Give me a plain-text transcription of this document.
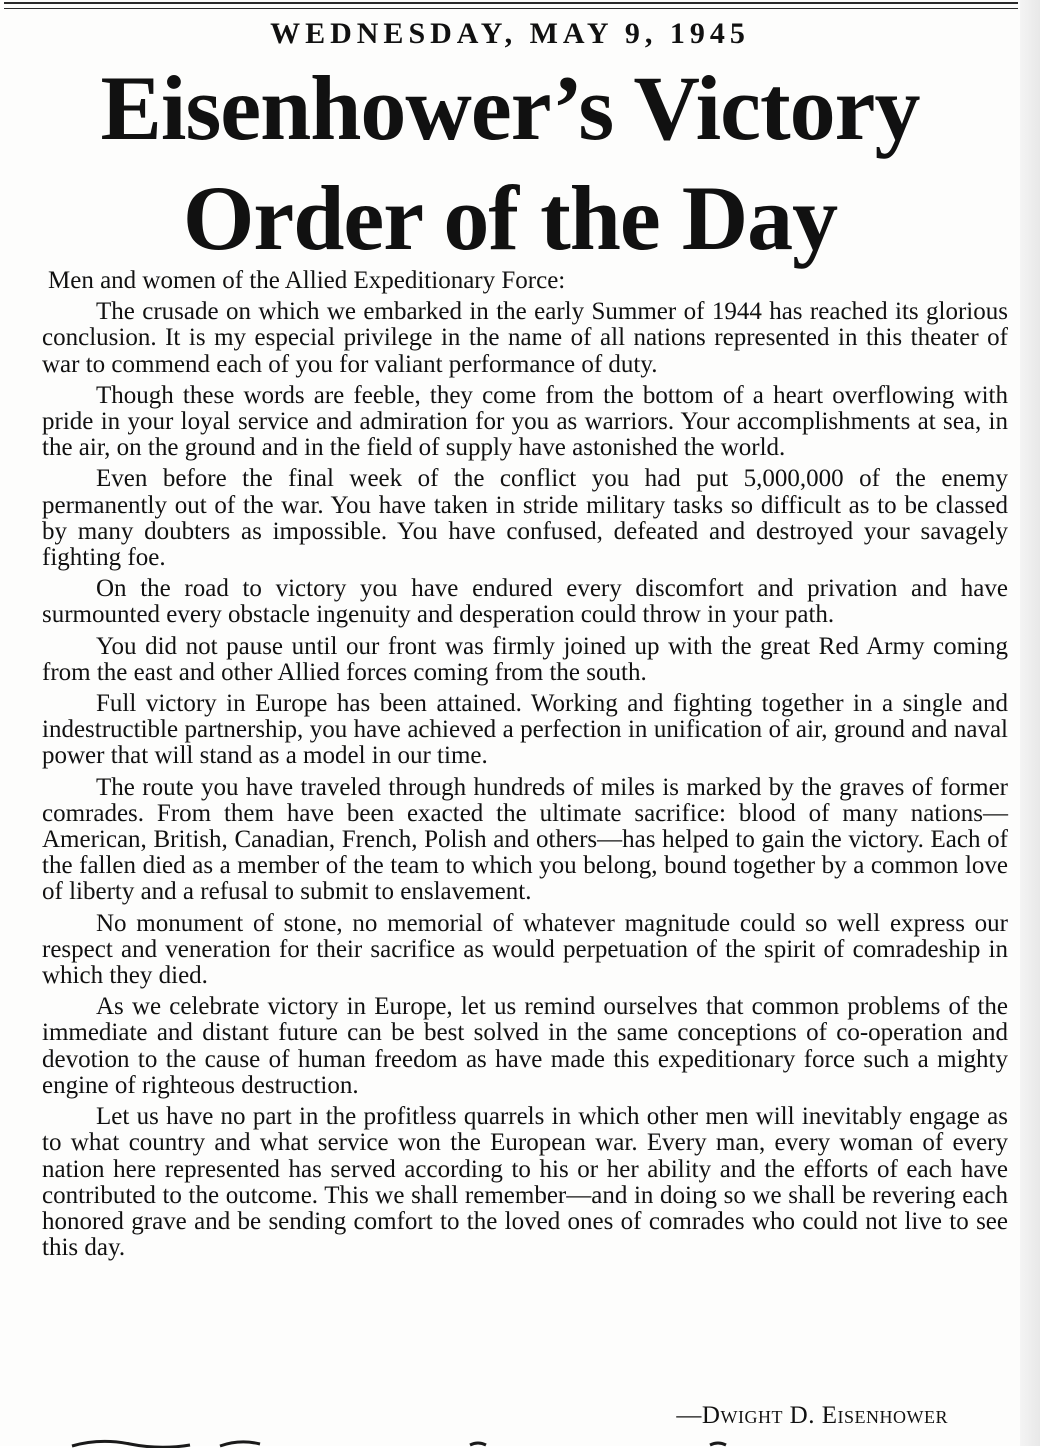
WEDNESDAY, MAY 9, 1945
Eisenhower’s Victory
Order of the Day

Men and women of the Allied Expeditionary Force:

The crusade on which we embarked in the early Summer of 1944 has reached its glorious conclusion. It is my especial privilege in the name of all nations represented in this theater of war to commend each of you for valiant performance of duty.

Though these words are feeble, they come from the bottom of a heart overflowing with pride in your loyal service and admiration for you as warriors. Your accomplishments at sea, in the air, on the ground and in the field of supply have astonished the world.

Even before the final week of the conflict you had put 5,000,000 of the enemy permanently out of the war. You have taken in stride military tasks so difficult as to be classed by many doubters as impossible. You have confused, defeated and destroyed your savagely fighting foe.

On the road to victory you have endured every discomfort and privation and have surmounted every obstacle ingenuity and desperation could throw in your path.

You did not pause until our front was firmly joined up with the great Red Army coming from the east and other Allied forces coming from the south.

Full victory in Europe has been attained. Working and fighting together in a single and indestructible partnership, you have achieved a perfection in unification of air, ground and naval power that will stand as a model in our time.

The route you have traveled through hundreds of miles is marked by the graves of former comrades. From them have been exacted the ultimate sacrifice: blood of many nations—American, British, Canadian, French, Polish and others—has helped to gain the victory. Each of the fallen died as a member of the team to which you belong, bound together by a common love of liberty and a refusal to submit to enslavement.

No monument of stone, no memorial of whatever magnitude could so well express our respect and veneration for their sacrifice as would perpetuation of the spirit of comradeship in which they died.

As we celebrate victory in Europe, let us remind ourselves that common problems of the immediate and distant future can be best solved in the same conceptions of co-operation and devotion to the cause of human freedom as have made this expeditionary force such a mighty engine of righteous destruction.

Let us have no part in the profitless quarrels in which other men will inevitably engage as to what country and what service won the European war. Every man, every woman of every nation here represented has served according to his or her ability and the efforts of each have contributed to the outcome. This we shall remember—and in doing so we shall be revering each honored grave and be sending comfort to the loved ones of comrades who could not live to see this day.

—Dwight D. Eisenhower
